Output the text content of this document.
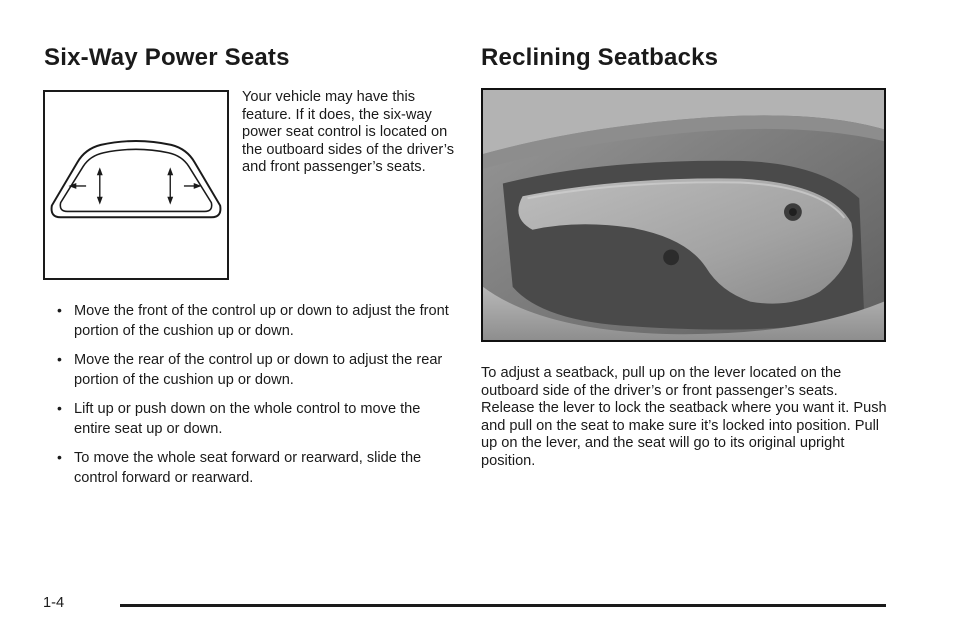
Six-Way Power Seats

Your vehicle may have this feature. If it does, the six-way power seat control is located on the outboard sides of the driver’s and front passenger’s seats.

• Move the front of the control up or down to adjust the front portion of the cushion up or down.
• Move the rear of the control up or down to adjust the rear portion of the cushion up or down.
• Lift up or push down on the whole control to move the entire seat up or down.
• To move the whole seat forward or rearward, slide the control forward or rearward.
Reclining Seatbacks

To adjust a seatback, pull up on the lever located on the outboard side of the driver’s or front passenger’s seats. Release the lever to lock the seatback where you want it. Push and pull on the seat to make sure it’s locked into position. Pull up on the lever, and the seat will go to its original upright position.

1-4
